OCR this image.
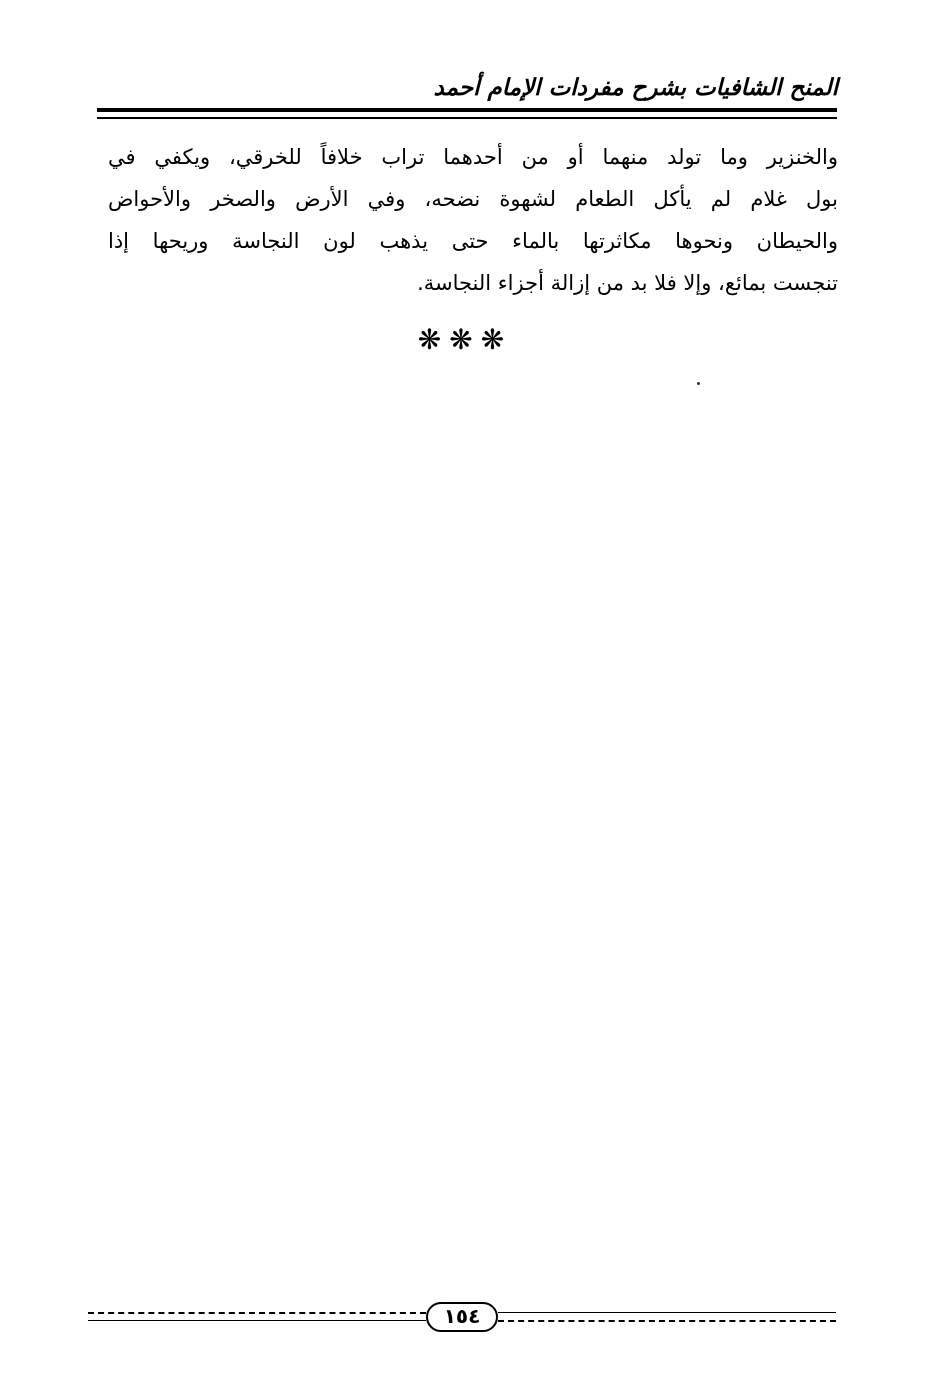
المنح الشافيات بشرح مفردات الإمام أحمد
والخنزير وما تولد منهما أو من أحدهما تراب خلافاً للخرقي، ويكفي في
بول غلام لم يأكل الطعام لشهوة نضحه، وفي الأرض والصخر والأحواض
والحيطان ونحوها مكاثرتها بالماء حتى يذهب لون النجاسة وريحها إذا
تنجست بمائع، وإلا فلا بد من إزالة أجزاء النجاسة.
❋❋❋
١٥٤
